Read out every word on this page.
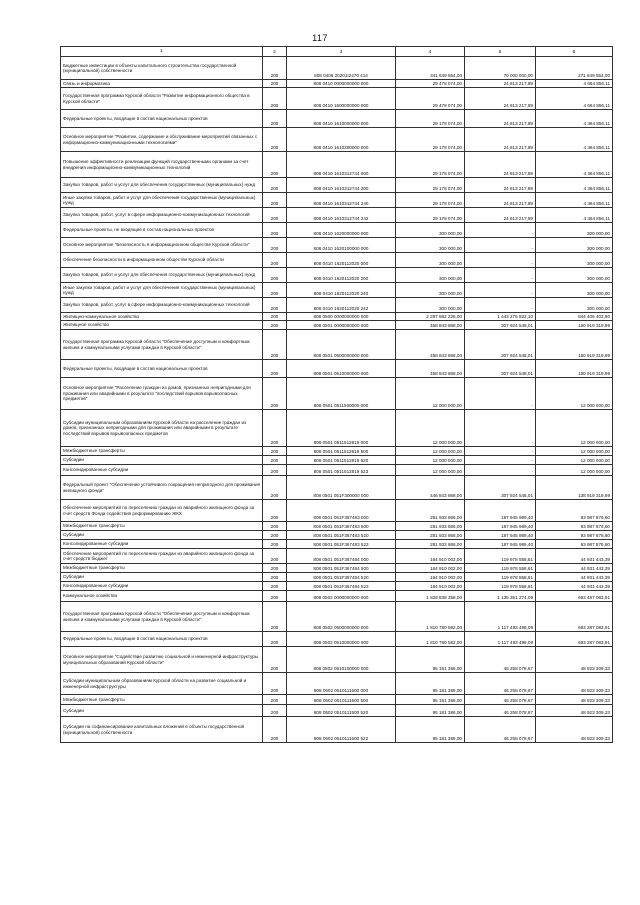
117
1	2	3	4	5	6
Бюджетные инвестиции в объекты капитального строительства государственной (муниципальной) собственности	200	808 0406 20201I2470 414	341 649 554,00	70 000 000,00	271 649 554,00
Связь и информатика	200	808 0410 0000000000 000	29 478 074,00	24 813 217,89	4 664 856,11
Государственная программа Курской области "Развитие информационного общества в Курской области"	200	808 0410 1600000000 000	29 478 074,00	24 813 217,89	4 664 856,11
Федеральные проекты, входящие в состав национальных проектов	200	808 0410 1610000000 000	29 178 074,00	24 813 217,89	4 364 856,11
Основное мероприятие "Развитие, содержание и обслуживание мероприятий связанных с информационно-коммуникационными технологиями"	200	808 0410 1610300000 000	29 178 074,00	24 813 217,89	4 364 856,11
Повышение эффективности реализации функций государственными органами за счет внедрения информационно-коммуникационных технологий	200	808 0410 1610312744 000	29 178 074,00	24 813 217,89	4 364 856,11
Закупка товаров, работ и услуг для обеспечения государственных (муниципальных) нужд	200	808 0410 1610312744 200	29 178 074,00	24 813 217,89	4 364 856,11
Иные закупки товаров, работ и услуг для обеспечения государственных (муниципальных) нужд	200	808 0410 1610312744 240	29 178 074,00	24 813 217,89	4 364 856,11
Закупка товаров, работ, услуг в сфере информационно-коммуникационных технологий	200	808 0410 1610312744 242	29 178 074,00	24 813 217,89	4 364 856,11
Федеральные проекты, не входящие в состав национальных проектов	200	808 0410 1620000000 000	300 000,00	-	300 000,00
Основное мероприятие "Безопасность в информационном обществе Курской области"	200	808 0410 1620100000 000	300 000,00	-	300 000,00
Обеспечение безопасности в информационном обществе Курской области	200	808 0410 1620112020 000	300 000,00	-	300 000,00
Закупка товаров, работ и услуг для обеспечения государственных (муниципальных) нужд	200	808 0410 1620112020 200	300 000,00	-	300 000,00
Иные закупки товаров, работ и услуг для обеспечения государственных (муниципальных) нужд	200	808 0410 1620112020 240	300 000,00	-	300 000,00
Закупка товаров, работ, услуг в сфере информационно-коммуникационных технологий	200	808 0410 1620112020 242	300 000,00	-	300 000,00
Жилищно-коммунальное хозяйство	200	808 0500 0000000000 000	2 287 682 226,00	1 443 275 822,10	844 406 403,90
Жилищное хозяйство	200	808 0501 0000000000 000	458 843 868,00	307 924 548,01	150 919 319,99
Государственная программа Курской области "Обеспечение доступным и комфортным жильем и коммунальными услугами граждан в Курской области"	200	808 0501 0500000000 000	458 843 868,00	307 924 548,01	150 919 319,99
Федеральные проекты, входящие в состав национальных проектов	200	808 0501 0510000000 000	458 843 868,00	307 924 548,01	150 919 319,99
Основное мероприятие "Расселение граждан из домов, признанных непригодными для проживания или аварийными в результате "последствий взрывов взрывоопасных предметов"	200	808 0501 0511500000 000	12 000 000,00	-	12 000 000,00
Субсидии муниципальным образованиям Курской области на расселение граждан из домов, признанных непригодными для проживания или аварийными в результате последствий взрывов взрывоопасных предметов	200	808 0501 0511512819 000	12 000 000,00	-	12 000 000,00
Межбюджетные трансферты	200	808 0501 0511512819 500	12 000 000,00	-	12 000 000,00
Субсидии	200	808 0501 0511512819 520	12 000 000,00	-	12 000 000,00
Консолидированные субсидии	200	808 0501 0511512819 523	12 000 000,00	-	12 000 000,00
Федеральный проект "Обеспечение устойчивого сокращения непригодного для проживания жилищного фонда"	200	808 0501 051F300000 000	446 843 868,00	307 924 548,01	138 919 319,99
Обеспечение мероприятий по переселению граждан из аварийного жилищного фонда за счет средств Фонда содействия реформированию ЖКХ	200	808 0501 051F367483 000	281 933 866,00	187 945 989,40	93 987 876,60
Межбюджетные трансферты	200	808 0501 051F367483 500	281 933 866,00	187 945 989,40	93 987 876,60
Субсидии	200	808 0501 051F367483 520	281 933 866,00	187 945 989,40	93 987 876,60
Консолидированные субсидии	200	808 0501 051F367483 523	281 933 866,00	187 945 989,40	93 987 876,60
Обеспечение мероприятий по переселению граждан из аварийного жилищного фонда за счет средств бюджет	200	808 0501 051F367484 000	164 910 002,00	119 978 558,61	44 931 443,39
Межбюджетные трансферты	200	808 0501 051F367484 500	164 910 002,00	119 978 558,61	44 931 443,39
Субсидии	200	808 0501 051F367484 520	164 910 002,00	119 978 558,61	44 931 443,39
Консолидированные субсидии	200	808 0501 051F367484 523	164 910 002,00	119 978 558,61	44 931 443,39
Коммунальное хозяйство	200	808 0502 0000000000 000	1 828 838 358,00	1 135 351 274,09	693 487 083,91
Государственная программа Курской области "Обеспечение доступным и комфортным жильем и коммунальными услугами граждан в Курской области"	200	808 0502 0500000000 000	1 810 780 582,00	1 117 493 498,09	693 287 083,91
Федеральные проекты, входящие в состав национальных проектов	200	808 0502 0510000000 000	1 810 780 582,00	1 117 493 498,09	693 287 083,91
Основное мероприятие "Содействие развитию социальной и инженерной инфраструктуры муниципальных образований Курской области"	200	808 0502 0510100000 000	95 181 386,00	46 258 078,67	48 923 309,33
Субсидии муниципальным образованиям Курской области на развитие социальной и инженерной инфраструктуры	200	808 0502 0510111500 000	95 181 386,00	46 258 078,67	48 923 309,33
Межбюджетные трансферты	200	808 0502 0510111500 500	95 181 386,00	46 258 078,67	48 923 309,33
Субсидии	200	808 0502 0510111500 520	95 181 386,00	46 258 078,67	48 923 309,33
Субсидии на софинансирование капитальных вложений в объекты государственной (муниципальной) собственности	200	808 0502 0510111500 522	95 181 386,00	46 258 078,67	48 923 309,33
